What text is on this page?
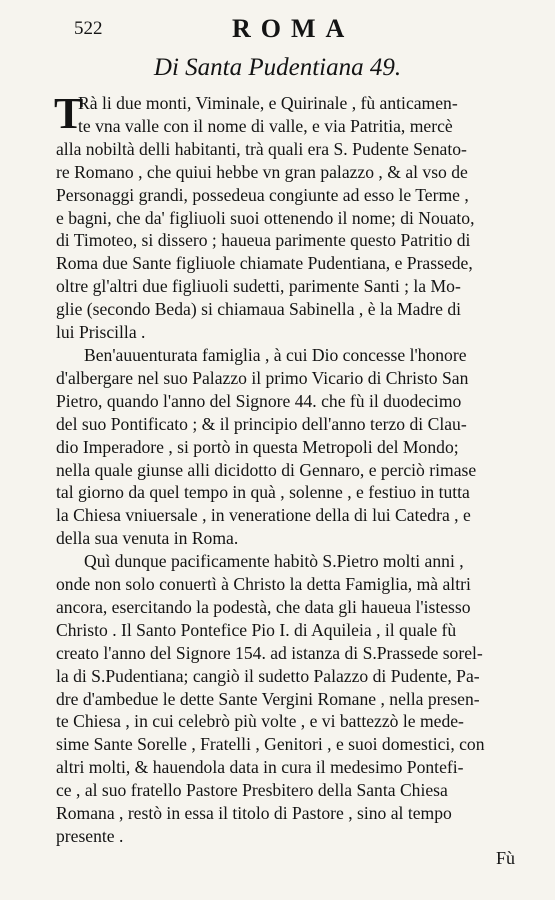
522	ROMA
Di Santa Pudentiana 49.
T
Rà li due monti, Viminale, e Quirinale , fù anticamen-
te vna valle con il nome di valle, e via Patritia, mercè
alla nobiltà delli habitanti, trà quali era S. Pudente Senato-
re Romano , che quiui hebbe vn gran palazzo , & al vso de
Personaggi grandi, possedeua congiunte ad esso le Terme ,
e bagni, che da' figliuoli suoi ottenendo il nome; di Nouato,
di Timoteo, si dissero ; haueua parimente questo Patritio di
Roma due Sante figliuole chiamate Pudentiana, e Prassede,
oltre gl'altri due figliuoli sudetti, parimente Santi ; la Mo-
glie (secondo Beda) si chiamaua Sabinella , è la Madre di
lui Priscilla .
Ben'auuenturata famiglia , à cui Dio concesse l'honore
d'albergare nel suo Palazzo il primo Vicario di Christo San
Pietro, quando l'anno del Signore 44. che fù il duodecimo
del suo Pontificato ; & il principio dell'anno terzo di Clau-
dio Imperadore , si portò in questa Metropoli del Mondo;
nella quale giunse alli dicidotto di Gennaro, e perciò rimase
tal giorno da quel tempo in quà , solenne , e festiuo in tutta
la Chiesa vniuersale , in veneratione della di lui Catedra , e
della sua venuta in Roma.
Quì dunque pacificamente habitò S.Pietro molti anni ,
onde non solo conuertì à Christo la detta Famiglia, mà altri
ancora, esercitando la podestà, che data gli haueua l'istesso
Christo . Il Santo Pontefice Pio I. di Aquileia , il quale fù
creato l'anno del Signore 154. ad istanza di S.Prassede sorel-
la di S.Pudentiana; cangiò il sudetto Palazzo di Pudente, Pa-
dre d'ambedue le dette Sante Vergini Romane , nella presen-
te Chiesa , in cui celebrò più volte , e vi battezzò le mede-
sime Sante Sorelle , Fratelli , Genitori , e suoi domestici, con
altri molti, & hauendola data in cura il medesimo Pontefi-
ce , al suo fratello Pastore Presbitero della Santa Chiesa
Romana , restò in essa il titolo di Pastore , sino al tempo
presente .
Fù
